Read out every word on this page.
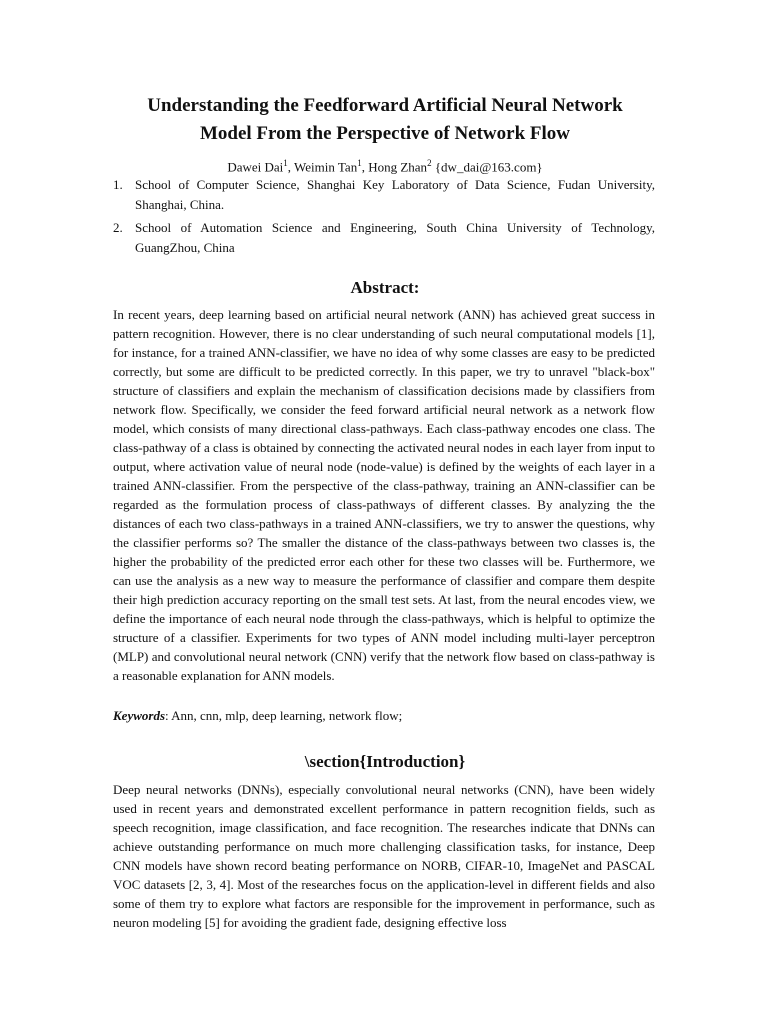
Understanding the Feedforward Artificial Neural Network
Model From the Perspective of Network Flow
Dawei Dai$^1$, Weimin Tan$^1$, Hong Zhan$^2$ {dw_dai@163.com}
1. School of Computer Science, Shanghai Key Laboratory of Data Science, Fudan University, Shanghai, China.
2. School of Automation Science and Engineering, South China University of Technology, GuangZhou, China
Abstract:

In recent years, deep learning based on artificial neural network (ANN) has achieved great success in pattern recognition. However, there is no clear understanding of such neural computational models [1], for instance, for a trained ANN-classifier, we have no idea of why some classes are easy to be predicted correctly, but some are difficult to be predicted correctly. In this paper, we try to unravel "black-box" structure of classifiers and explain the mechanism of classification decisions made by classifiers from network flow. Specifically, we consider the feed forward artificial neural network as a network flow model, which consists of many directional class-pathways. Each class-pathway encodes one class. The class-pathway of a class is obtained by connecting the activated neural nodes in each layer from input to output, where activation value of neural node (node-value) is defined by the weights of each layer in a trained ANN-classifier. From the perspective of the class-pathway, training an ANN-classifier can be regarded as the formulation process of class-pathways of different classes. By analyzing the the distances of each two class-pathways in a trained ANN-classifiers, we try to answer the questions, why the classifier performs so? The smaller the distance of the class-pathways between two classes is, the higher the probability of the predicted error each other for these two classes will be. Furthermore, we can use the analysis as a new way to measure the performance of classifier and compare them despite their high prediction accuracy reporting on the small test sets. At last, from the neural encodes view, we define the importance of each neural node through the class-pathways, which is helpful to optimize the structure of a classifier. Experiments for two types of ANN model including multi-layer perceptron (MLP) and convolutional neural network (CNN) verify that the network flow based on class-pathway is a reasonable explanation for ANN models.

Keywords: Ann, cnn, mlp, deep learning, network flow;

\section{Introduction}

Deep neural networks (DNNs), especially convolutional neural networks (CNN), have been widely used in recent years and demonstrated excellent performance in pattern recognition fields, such as speech recognition, image classification, and face recognition. The researches indicate that DNNs can achieve outstanding performance on much more challenging classification tasks, for instance, Deep CNN models have shown record beating performance on NORB, CIFAR-10, ImageNet and PASCAL VOC datasets [2, 3, 4]. Most of the researches focus on the application-level in different fields and also some of them try to explore what factors are responsible for the improvement in performance, such as neuron modeling [5] for avoiding the gradient fade, designing effective loss
